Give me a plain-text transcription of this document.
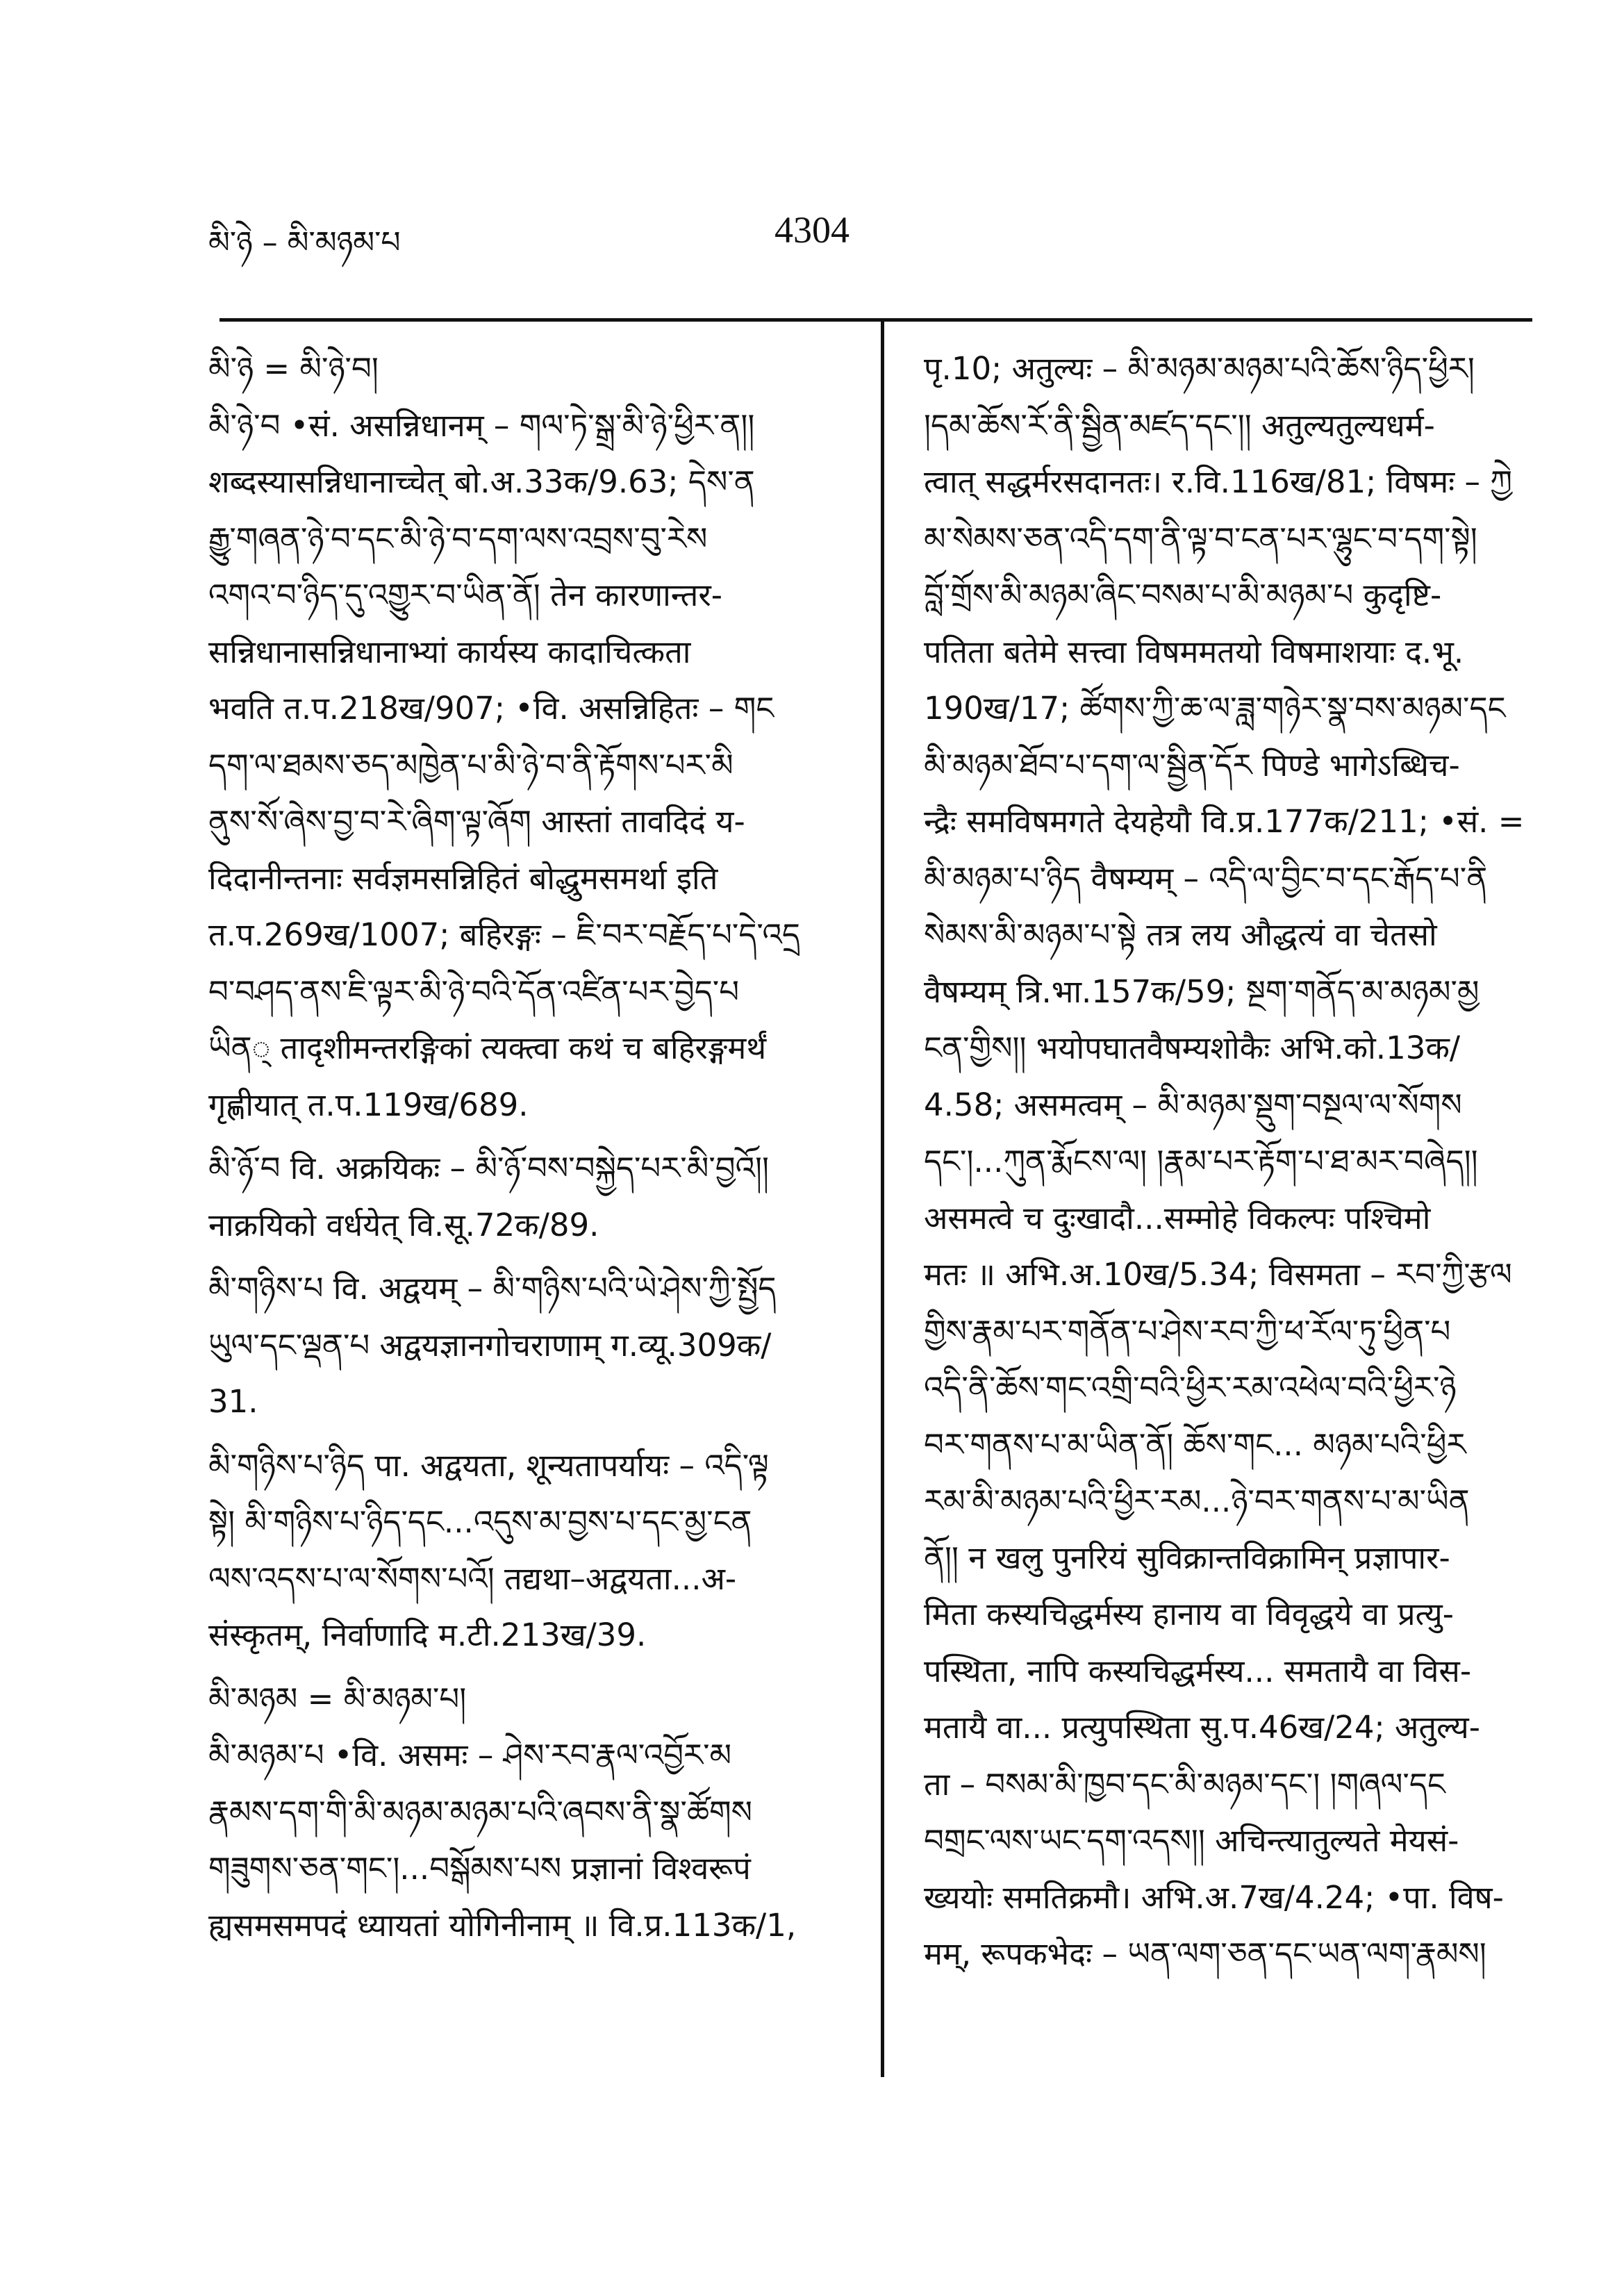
མི་ཉེ – མི་མཉམ་པ	4304
མི་ཉེ = མི་ཉེ་བ།
མི་ཉེ་བ •सं. असन्निधानम् – གལ་ཏེ་སྒྲ་མི་ཉེ་ཕྱིར་ན།།
शब्दस्यासन्निधानाच्चेत् बो.अ.33क/9.63; དེས་ན
རྒྱུ་གཞན་ཉེ་བ་དང་མི་ཉེ་བ་དག་ལས་འབྲས་བུ་རེས
འགའ་བ་ཉིད་དུ་འགྱུར་བ་ཡིན་ནོ། तेन कारणान्तर-
सन्निधानासन्निधानाभ्यां कार्यस्य कादाचित्कता
भवति त.प.218ख/907; •वि. असन्निहितः – གང
དག་ལ་ཐམས་ཅད་མཁྱེན་པ་མི་ཉེ་བ་ནི་རྟོགས་པར་མི
ནུས་སོ་ཞེས་བྱ་བ་རེ་ཞིག་ལྟ་ཞོག आस्तां तावदिदं य-
दिदानीन्तनाः सर्वज्ञमसन्निहितं बोद्धुमसमर्था इति
त.प.269ख/1007; बहिरङ्गः – ཇི་བར་བརྗོད་པ་དེ་འདྲ
བ་བཤད་ནས་ཇི་ལྟར་མི་ཉེ་བའི་དོན་འཛིན་པར་བྱེད་པ
ཡིན् तादृशीमन्तरङ्गिकां त्यक्त्वा कथं च बहिरङ्गमर्थं
गृह्णीयात् त.प.119ख/689.
མི་ཉོ་བ वि. अक्रयिकः – མི་ཉོ་བས་བསྐྱེད་པར་མི་བྱའོ།།
नाक्रयिको वर्धयेत् वि.सू.72क/89.
མི་གཉིས་པ वि. अद्वयम् – མི་གཉིས་པའི་ཡེ་ཤེས་ཀྱི་སྤྱོད
ཡུལ་དང་ལྡན་པ अद्वयज्ञानगोचराणाम् ग.व्यू.309क/
31.
མི་གཉིས་པ་ཉིད पा. अद्वयता, शून्यतापर्यायः – འདི་ལྟ
སྟེ། མི་གཉིས་པ་ཉིད་དང...འདུས་མ་བྱས་པ་དང་མྱ་ངན
ལས་འདས་པ་ལ་སོགས་པའོ། तद्यथा–अद्वयता...अ-
संस्कृतम्, निर्वाणादि म.टी.213ख/39.
མི་མཉམ = མི་མཉམ་པ།
མི་མཉམ་པ •वि. असमः – ཤེས་རབ་རྣལ་འབྱོར་མ
རྣམས་དག་གི་མི་མཉམ་མཉམ་པའི་ཞབས་ནི་སྣ་ཚོགས
གཟུགས་ཅན་གང་།...བསྒོམས་པས प्रज्ञानां विश्वरूपं
ह्यसमसमपदं ध्यायतां योगिनीनाम् ॥ वि.प्र.113क/1,
पृ.10; अतुल्यः – མི་མཉམ་མཉམ་པའི་ཆོས་ཉིད་ཕྱིར།
།དམ་ཆོས་རོ་ནི་སྦྱིན་མཛད་དང་།། अतुल्यतुल्यधर्म-
त्वात् सद्धर्मरसदानतः। र.वि.116ख/81; विषमः – ཀྱེ
མ་སེམས་ཅན་འདི་དག་ནི་ལྟ་བ་ངན་པར་ལྷུང་བ་དག་སྟེ།
བློ་གྲོས་མི་མཉམ་ཞིང་བསམ་པ་མི་མཉམ་པ कुदृष्टि-
पतिता बतेमे सत्त्वा विषममतयो विषमाशयाः द.भू.
190ख/17; ཚོགས་ཀྱི་ཆ་ལ་ཟླ་གཉེར་སྣ་བས་མཉམ་དང
མི་མཉམ་ཐོབ་པ་དག་ལ་སྦྱིན་དོར पिण्डे भागेऽब्धिच-
न्द्रैः समविषमगते देयहेयौ वि.प्र.177क/211; •सं. =
མི་མཉམ་པ་ཉིད वैषम्यम् – འདི་ལ་བྱིང་བ་དང་རྒོད་པ་ནི
སེམས་མི་མཉམ་པ་སྟེ तत्र लय औद्धत्यं वा चेतसो
वैषम्यम् त्रि.भा.157क/59; སྔག་གནོད་མ་མཉམ་མྱ
ངན་གྱིས།། भयोपघातवैषम्यशोकैः अभि.को.13क/
4.58; असमत्वम् – མི་མཉམ་སྡུག་བསྔལ་ལ་སོགས
དང་།...ཀུན་རྨོངས་ལ། །རྣམ་པར་རྟོག་པ་ཐ་མར་བཞེད།།
असमत्वे च दुःखादौ...सम्मोहे विकल्पः पश्चिमो
मतः ॥ अभि.अ.10ख/5.34; विसमता – རབ་ཀྱི་རྩལ
གྱིས་རྣམ་པར་གནོན་པ་ཤེས་རབ་ཀྱི་ཕ་རོལ་ཏུ་ཕྱིན་པ
འདི་ནི་ཆོས་གང་འགྲི་བའི་ཕྱིར་རམ་འཕེལ་བའི་ཕྱིར་ཉེ
བར་གནས་པ་མ་ཡིན་ནོ། ཆོས་གང... མཉམ་པའི་ཕྱིར
རམ་མི་མཉམ་པའི་ཕྱིར་རམ...ཉེ་བར་གནས་པ་མ་ཡིན
ནོ།། न खलु पुनरियं सुविक्रान्तविक्रामिन् प्रज्ञापार-
मिता कस्यचिद्धर्मस्य हानाय वा विवृद्धये वा प्रत्यु-
पस्थिता, नापि कस्यचिद्धर्मस्य... समतायै वा विस-
मतायै वा... प्रत्युपस्थिता सु.प.46ख/24; अतुल्य-
ता – བསམ་མི་ཁྱབ་དང་མི་མཉམ་དང་། །གཞལ་དང
བགྲང་ལས་ཡང་དག་འདས།། अचिन्त्यातुल्यते मेयसं-
ख्ययोः समतिक्रमौ। अभि.अ.7ख/4.24; •पा. विष-
मम्, रूपकभेदः – ཡན་ལག་ཅན་དང་ཡན་ལག་རྣམས།
